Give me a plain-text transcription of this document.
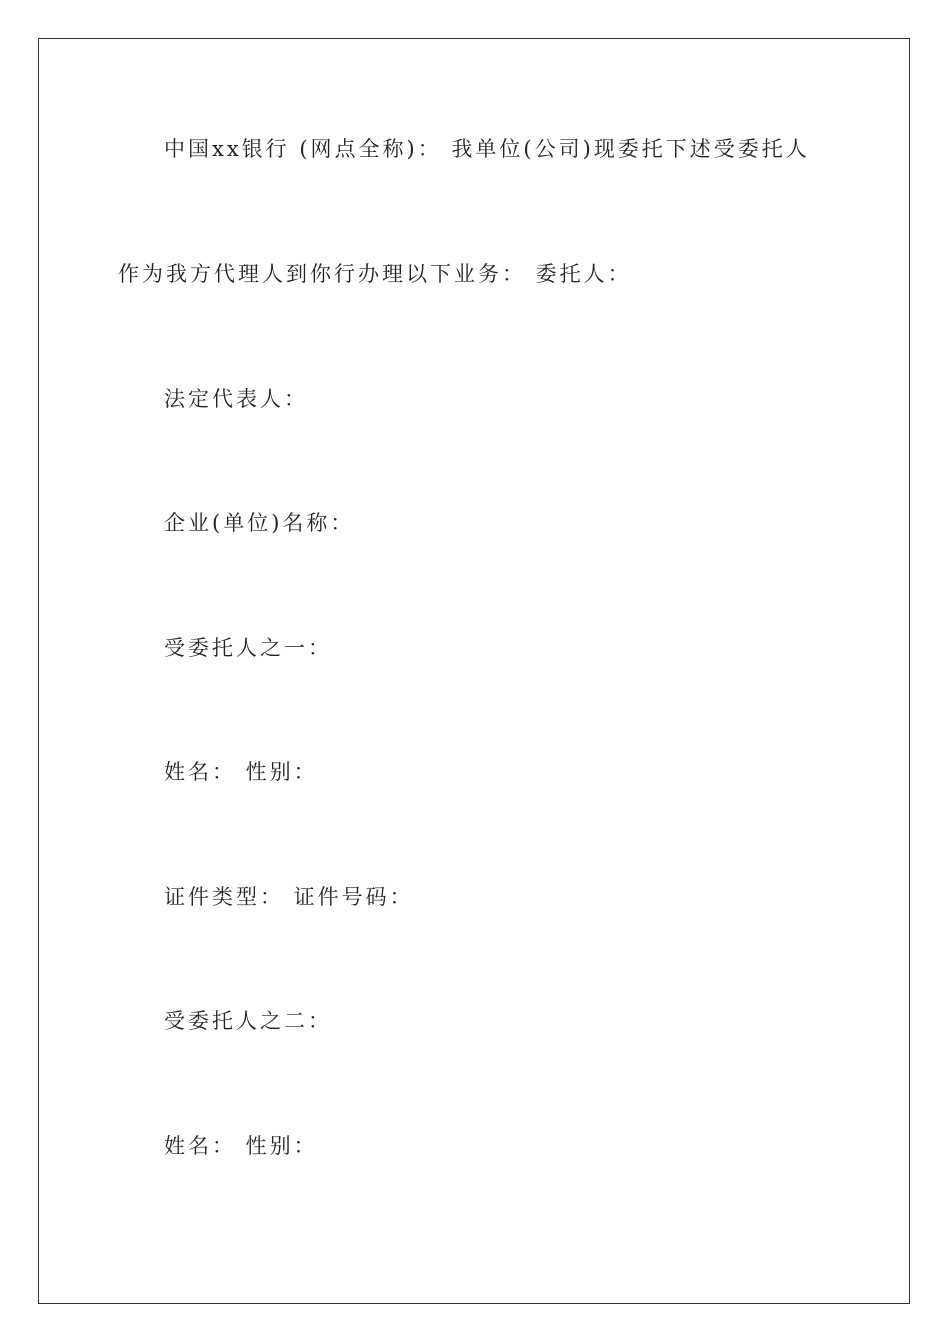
中国xx银行 (网点全称)： 我单位(公司)现委托下述受委托人
作为我方代理人到你行办理以下业务： 委托人：
法定代表人：
企业(单位)名称：
受委托人之一：
姓名： 性别：
证件类型： 证件号码：
受委托人之二：
姓名： 性别：
